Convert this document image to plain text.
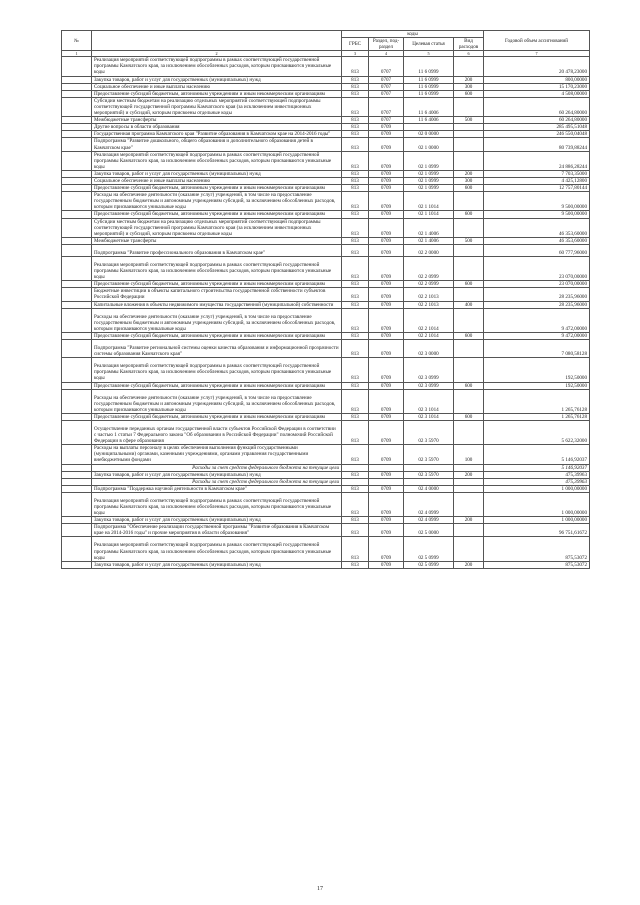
№		коды				Годовой объем ассигнований
		ГРБС	Раздел, под-раздел	Целевая статья	Вид расходов	
1	2	3	4	5	6	7
	Реализация мероприятий соответствующей подпрограммы в рамках соответствующей государственной программы Камчатского края, за исключением обособленных расходов, которым присваиваются уникальные коды	813	0707	11 6 0999		20 478,23000
	Закупка товаров, работ и услуг для государственных (муниципальных) нужд	813	0707	11 6 0999	200	800,00000
	Социальное обеспечение и иные выплаты населению	813	0707	11 6 0999	300	15 170,23000
	Предоставление субсидий бюджетным, автономным учреждениям и иным некоммерческим организациям	813	0707	11 6 0999	600	4 508,00000
	Субсидии местным бюджетам на реализацию отдельных мероприятий соответствующей подпрограммы соответствующей государственной программы Камчатского края (за исключением инвестиционных мероприятий) и субсидий, которым присвоены отдельные коды	813	0707	11 6 4006		60 264,80000
	Межбюджетные трансферты	813	0707	11 6 4006	500	60 264,80000
	Другие вопросы в области образования	813	0709			285 495,51048
	Государственная программа Камчатского края "Развитие образования в Камчатском крае на 2014-2016 годы"	813	0709	02 0 0000		246 550,04048
	Подпрограмма "Развитие дошкольного, общего образования и дополнительного образования детей в Камчатском крае"	813	0709	02 1 0000		80 739,88244
	Реализация мероприятий соответствующей подпрограммы в рамках соответствующей государственной программы Камчатского края, за исключением обособленных расходов, которым присваиваются уникальные коды	813	0709	02 1 0999		24 886,28244
	Закупка товаров, работ и услуг для государственных (муниципальных) нужд	813	0709	02 1 0999	200	7 703,35000
	Социальное обеспечение и иные выплаты населению	813	0709	02 1 0999	300	4 425,12800
	Предоставление субсидий бюджетным, автономным учреждениям и иным некоммерческим организациям	813	0709	02 1 0999	600	12 757,80144
	Расходы на обеспечение деятельности (оказание услуг) учреждений, в том числе на предоставление государственным бюджетным и автономным учреждениям субсидий, за исключением обособленных расходов, которым присваиваются уникальные коды	813	0709	02 1 1014		9 500,00000
	Предоставление субсидий бюджетным, автономным учреждениям и иным некоммерческим организациям	813	0709	02 1 1014	600	9 500,00000
	Субсидии местным бюджетам на реализацию отдельных мероприятий соответствующей подпрограммы соответствующей государственной программы Камчатского края (за исключением инвестиционных мероприятий) и субсидий, которым присвоены отдельные коды	813	0709	02 1 4006		46 353,60000
	Межбюджетные трансферты	813	0709	02 1 4006	500	46 353,60000
	Подпрограмма "Развитие профессионального образования в Камчатском крае"	813	0709	02 2 0000		60 777,96000
	Реализация мероприятий соответствующей подпрограммы в рамках соответствующей государственной программы Камчатского края, за исключением обособленных расходов, которым присваиваются уникальные коды	813	0709	02 2 0999		23 070,00000
	Предоставление субсидий бюджетным, автономным учреждениям и иным некоммерческим организациям	813	0709	02 2 0999	600	23 070,00000
	Бюджетные инвестиции в объекты капитального строительства государственной собственности субъектов Российской Федерации	813	0709	02 2 1013		28 235,96000
	Капитальные вложения в объекты недвижимого имущества государственной (муниципальной) собственности	813	0709	02 2 1013	400	28 235,96000
	Расходы на обеспечение деятельности (оказание услуг) учреждений, в том числе на предоставление государственным бюджетным и автономным учреждениям субсидий, за исключением обособленных расходов, которым присваиваются уникальные коды	813	0709	02 2 1014		9 472,00000
	Предоставление субсидий бюджетным, автономным учреждениям и иным некоммерческим организациям	813	0709	02 2 1014	600	9 472,00000
	Подпрограмма "Развитие региональной системы оценки качества образования и информационной прозрачности системы образования Камчатского края"	813	0709	02 3 0000		7 080,58128
	Реализация мероприятий соответствующей подпрограммы в рамках соответствующей государственной программы Камчатского края, за исключением обособленных расходов, которым присваиваются уникальные коды	813	0709	02 3 0999		192,50000
	Предоставление субсидий бюджетным, автономным учреждениям и иным некоммерческим организациям	813	0709	02 3 0999	600	192,50000
	Расходы на обеспечение деятельности (оказание услуг) учреждений, в том числе на предоставление государственным бюджетным и автономным учреждениям субсидий, за исключением обособленных расходов, которым присваиваются уникальные коды	813	0709	02 3 1014		1 265,76128
	Предоставление субсидий бюджетным, автономным учреждениям и иным некоммерческим организациям	813	0709	02 3 1014	600	1 265,76128
	Осуществление переданных органам государственной власти субъектов Российской Федерации в соответствии с частью 1 статьи 7 Федерального закона "Об образовании в Российской Федерации" полномочий Российской Федерации в сфере образования	813	0709	02 3 5970		5 622,32000
	Расходы на выплаты персоналу в целях обеспечения выполнения функций государственными (муниципальными) органами, казенными учреждениями, органами управления государственными внебюджетными фондами	813	0709	02 3 5970	100	5 146,92037
	Расходы за счет средств федерального бюджета на текущие цели					5 146,92037
	Закупка товаров, работ и услуг для государственных (муниципальных) нужд	813	0709	02 3 5970	200	475,39963
	Расходы за счет средств федерального бюджета на текущие цели					475,39963
	Подпрограмма "Поддержка научной деятельности в Камчатском крае"	813	0709	02 4 0000		1 000,00000
	Реализация мероприятий соответствующей подпрограммы в рамках соответствующей государственной программы Камчатского края, за исключением обособленных расходов, которым присваиваются уникальные коды	813	0709	02 4 0999		1 000,00000
	Закупка товаров, работ и услуг для государственных (муниципальных) нужд	813	0709	02 4 0999	200	1 000,00000
	Подпрограмма "Обеспечение реализации государственной программы "Развитие образования в Камчатском крае на 2014-2016 годы" и прочие мероприятия в области образования"	813	0709	02 5 0000		96 751,61672
	Реализация мероприятий соответствующей подпрограммы в рамках соответствующей государственной программы Камчатского края, за исключением обособленных расходов, которым присваиваются уникальные коды	813	0709	02 5 0999		875,53072
	Закупка товаров, работ и услуг для государственных (муниципальных) нужд	813	0709	02 5 0999	200	875,53072
17
